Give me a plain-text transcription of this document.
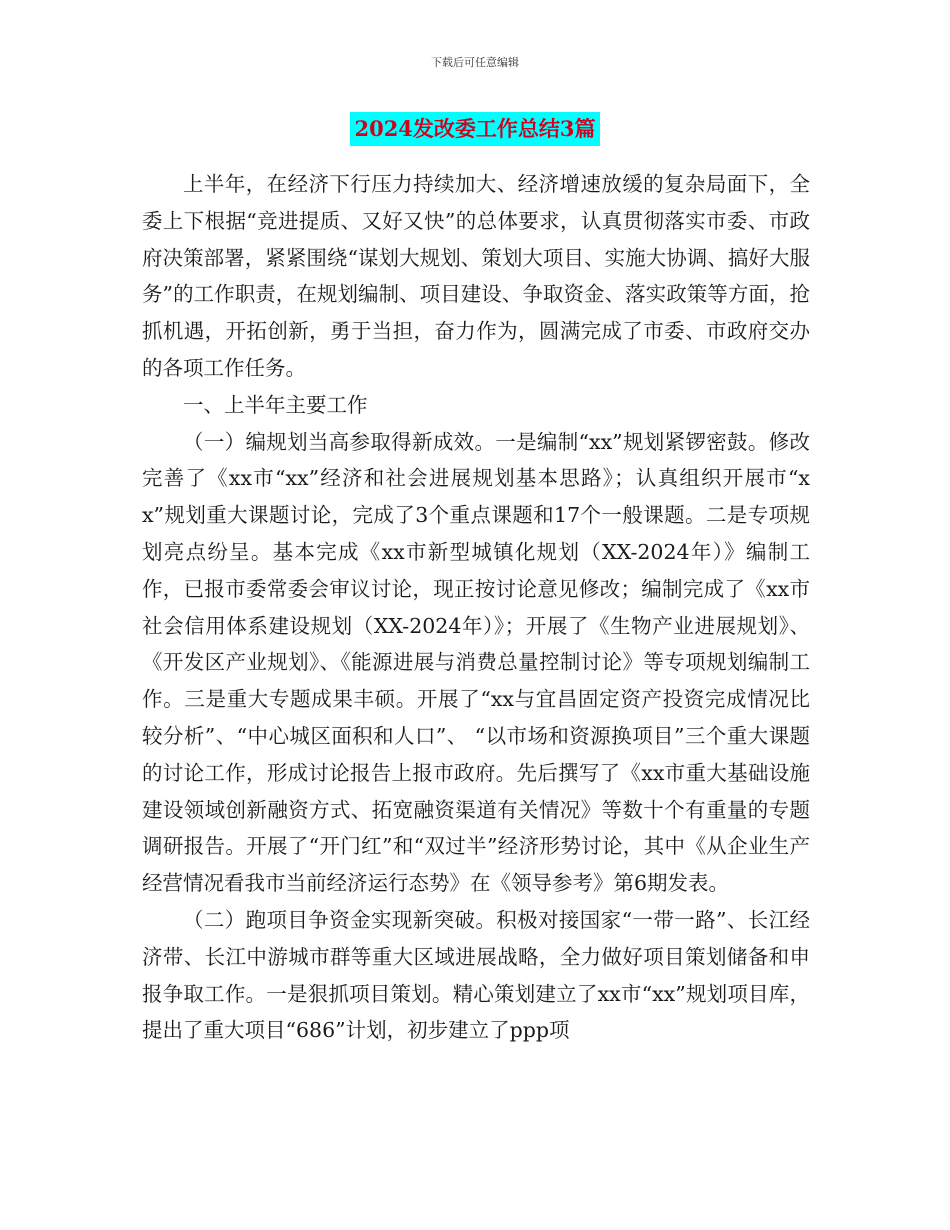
下载后可任意编辑
2024发改委工作总结3篇

上半年，在经济下行压力持续加大、经济增速放缓的复杂局面下，全委上下根据“竞进提质、又好又快”的总体要求，认真贯彻落实市委、市政府决策部署，紧紧围绕“谋划大规划、策划大项目、实施大协调、搞好大服务”的工作职责，在规划编制、项目建设、争取资金、落实政策等方面，抢抓机遇，开拓创新，勇于当担，奋力作为，圆满完成了市委、市政府交办的各项工作任务。

一、上半年主要工作

（一）编规划当高参取得新成效。一是编制“xx”规划紧锣密鼓。修改完善了《xx市“xx”经济和社会进展规划基本思路》；认真组织开展市“xx”规划重大课题讨论，完成了3个重点课题和17个一般课题。二是专项规划亮点纷呈。基本完成《xx市新型城镇化规划（XX-2024年）》编制工作，已报市委常委会审议讨论，现正按讨论意见修改；编制完成了《xx市社会信用体系建设规划（XX-2024年）》；开展了《生物产业进展规划》、《开发区产业规划》、《能源进展与消费总量控制讨论》等专项规划编制工作。三是重大专题成果丰硕。开展了“xx与宜昌固定资产投资完成情况比较分析”、“中心城区面积和人口”、 “以市场和资源换项目”三个重大课题的讨论工作，形成讨论报告上报市政府。先后撰写了《xx市重大基础设施建设领域创新融资方式、拓宽融资渠道有关情况》等数十个有重量的专题调研报告。开展了“开门红”和“双过半”经济形势讨论，其中《从企业生产经营情况看我市当前经济运行态势》在《领导参考》第6期发表。

（二）跑项目争资金实现新突破。积极对接国家“一带一路”、长江经济带、长江中游城市群等重大区域进展战略，全力做好项目策划储备和申报争取工作。一是狠抓项目策划。精心策划建立了xx市“xx”规划项目库，提出了重大项目“686”计划，初步建立了ppp项
